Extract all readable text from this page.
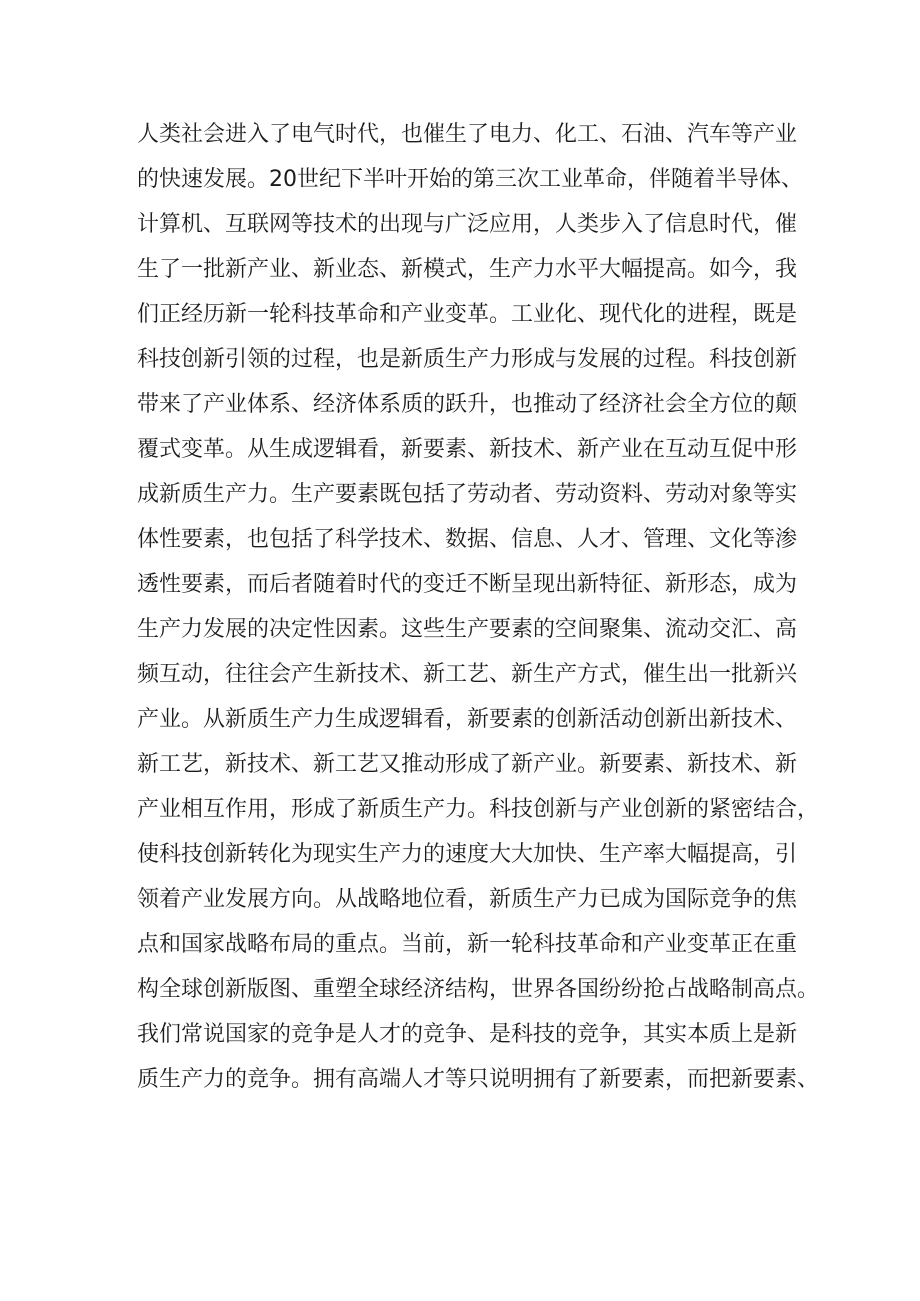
人类社会进入了电气时代，也催生了电力、化工、石油、汽车等产业
的快速发展。20世纪下半叶开始的第三次工业革命，伴随着半导体、
计算机、互联网等技术的出现与广泛应用，人类步入了信息时代，催
生了一批新产业、新业态、新模式，生产力水平大幅提高。如今，我
们正经历新一轮科技革命和产业变革。工业化、现代化的进程，既是
科技创新引领的过程，也是新质生产力形成与发展的过程。科技创新
带来了产业体系、经济体系质的跃升，也推动了经济社会全方位的颠
覆式变革。从生成逻辑看，新要素、新技术、新产业在互动互促中形
成新质生产力。生产要素既包括了劳动者、劳动资料、劳动对象等实
体性要素，也包括了科学技术、数据、信息、人才、管理、文化等渗
透性要素，而后者随着时代的变迁不断呈现出新特征、新形态，成为
生产力发展的决定性因素。这些生产要素的空间聚集、流动交汇、高
频互动，往往会产生新技术、新工艺、新生产方式，催生出一批新兴
产业。从新质生产力生成逻辑看，新要素的创新活动创新出新技术、
新工艺，新技术、新工艺又推动形成了新产业。新要素、新技术、新
产业相互作用，形成了新质生产力。科技创新与产业创新的紧密结合，
使科技创新转化为现实生产力的速度大大加快、生产率大幅提高，引
领着产业发展方向。从战略地位看，新质生产力已成为国际竞争的焦
点和国家战略布局的重点。当前，新一轮科技革命和产业变革正在重
构全球创新版图、重塑全球经济结构，世界各国纷纷抢占战略制高点。
我们常说国家的竞争是人才的竞争、是科技的竞争，其实本质上是新
质生产力的竞争。拥有高端人才等只说明拥有了新要素，而把新要素、
